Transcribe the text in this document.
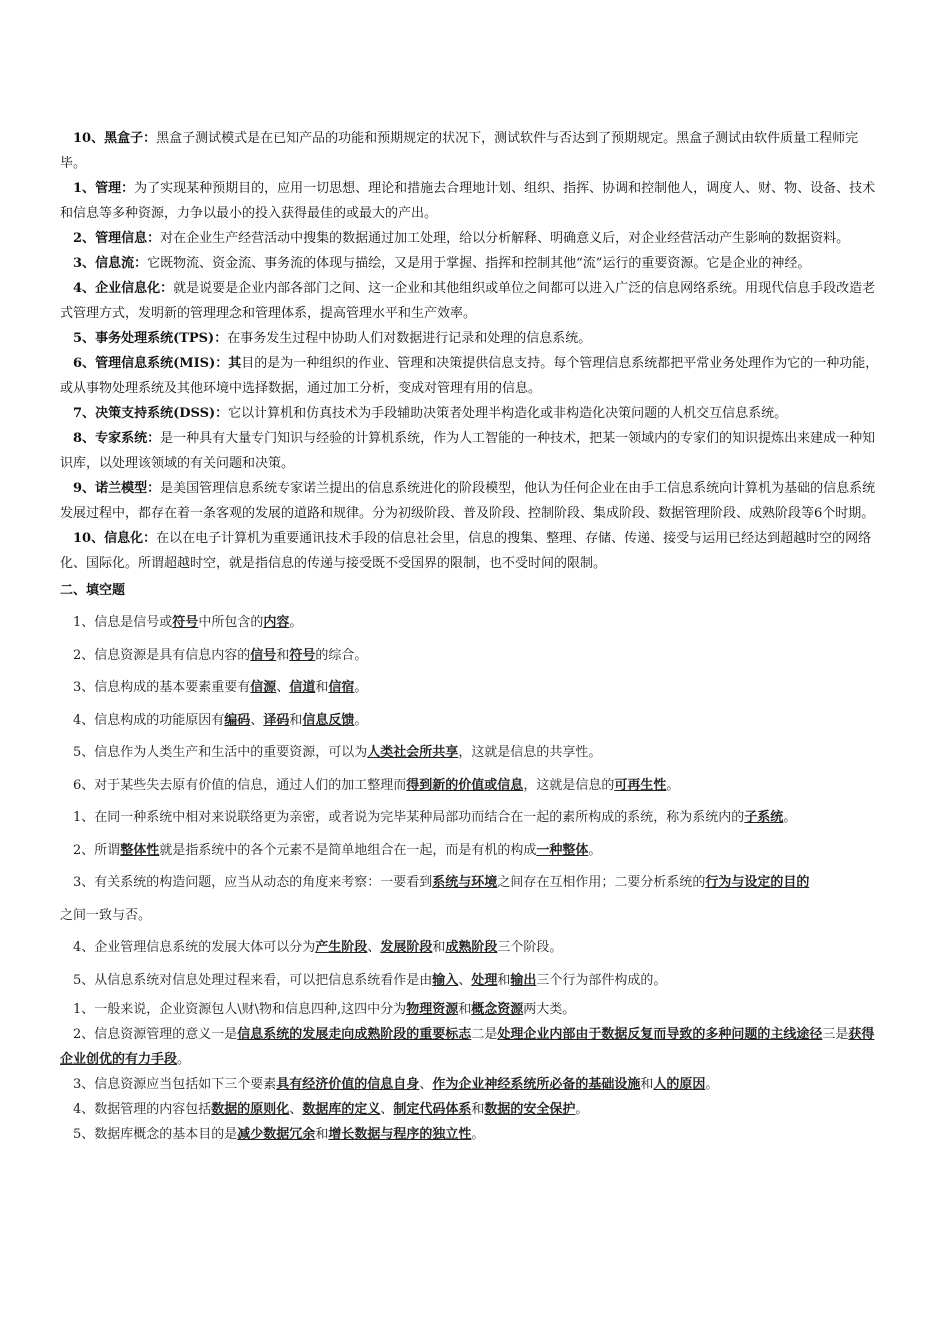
　10、黑盒子：黑盒子测试模式是在已知产品的功能和预期规定的状况下，测试软件与否达到了预期规定。黑盒子测试由软件质量工程师完毕。

　1、管理：为了实现某种预期目的，应用一切思想、理论和措施去合理地计划、组织、指挥、协调和控制他人，调度人、财、物、设备、技术和信息等多种资源，力争以最小的投入获得最佳的或最大的产出。

　2、管理信息：对在企业生产经营活动中搜集的数据通过加工处理，给以分析解释、明确意义后，对企业经营活动产生影响的数据资料。

　3、信息流：它既物流、资金流、事务流的体现与描绘，又是用于掌握、指挥和控制其他“流”运行的重要资源。它是企业的神经。

　4、企业信息化：就是说要是企业内部各部门之间、这一企业和其他组织或单位之间都可以进入广泛的信息网络系统。用现代信息手段改造老式管理方式，发明新的管理理念和管理体系，提高管理水平和生产效率。

　5、事务处理系统(TPS)：在事务发生过程中协助人们对数据进行记录和处理的信息系统。

　6、管理信息系统(MIS)：其目的是为一种组织的作业、管理和决策提供信息支持。每个管理信息系统都把平常业务处理作为它的一种功能，或从事物处理系统及其他环境中选择数据，通过加工分析，变成对管理有用的信息。

　7、决策支持系统(DSS)：它以计算机和仿真技术为手段辅助决策者处理半构造化或非构造化决策问题的人机交互信息系统。

　8、专家系统：是一种具有大量专门知识与经验的计算机系统，作为人工智能的一种技术，把某一领域内的专家们的知识提炼出来建成一种知识库，以处理该领域的有关问题和决策。

　9、诺兰模型：是美国管理信息系统专家诺兰提出的信息系统进化的阶段模型，他认为任何企业在由手工信息系统向计算机为基础的信息系统发展过程中，都存在着一条客观的发展的道路和规律。分为初级阶段、普及阶段、控制阶段、集成阶段、数据管理阶段、成熟阶段等6个时期。

　10、信息化：在以在电子计算机为重要通讯技术手段的信息社会里，信息的搜集、整理、存储、传递、接受与运用已经达到超越时空的网络化、国际化。所谓超越时空，就是指信息的传递与接受既不受国界的限制，也不受时间的限制。

二、填空题

　1、信息是信号或符号中所包含的内容。

　2、信息资源是具有信息内容的信号和符号的综合。

　3、信息构成的基本要素重要有信源、信道和信宿。

　4、信息构成的功能原因有编码、译码和信息反馈。

　5、信息作为人类生产和生活中的重要资源，可以为人类社会所共享，这就是信息的共享性。

　6、对于某些失去原有价值的信息，通过人们的加工整理而得到新的价值或信息，这就是信息的可再生性。

　1、在同一种系统中相对来说联络更为亲密，或者说为完毕某种局部功而结合在一起的素所构成的系统，称为系统内的子系统。

　2、所谓整体性就是指系统中的各个元素不是简单地组合在一起，而是有机的构成一种整体。

　3、有关系统的构造问题，应当从动态的角度来考察：一要看到系统与环境之间存在互相作用；二要分析系统的行为与设定的目的

之间一致与否。

　4、企业管理信息系统的发展大体可以分为产生阶段、发展阶段和成熟阶段三个阶段。

　5、从信息系统对信息处理过程来看，可以把信息系统看作是由输入、处理和输出三个行为部件构成的。

　1、一般来说，企业资源包人\财\物和信息四种,这四中分为物理资源和概念资源两大类。

　2、信息资源管理的意义一是信息系统的发展走向成熟阶段的重要标志二是处理企业内部由于数据反复而导致的多种问题的主线途径三是获得企业创优的有力手段。

　3、信息资源应当包括如下三个要素具有经济价值的信息自身、作为企业神经系统所必备的基础设施和人的原因。

　4、数据管理的内容包括数据的原则化、数据库的定义、制定代码体系和数据的安全保护。

　5、数据库概念的基本目的是减少数据冗余和增长数据与程序的独立性。
